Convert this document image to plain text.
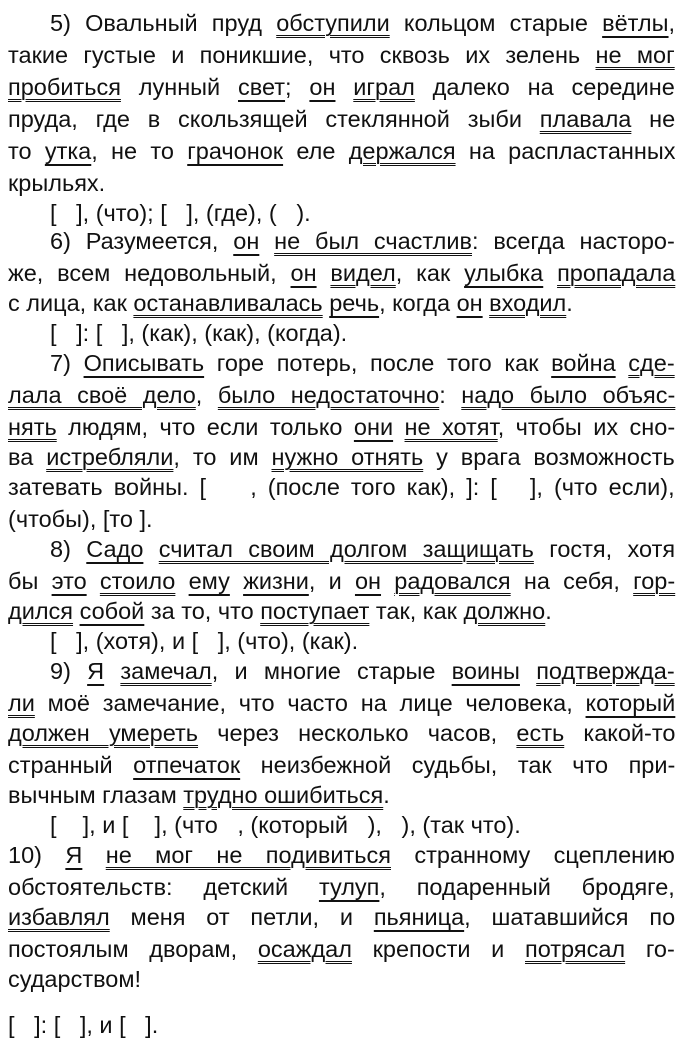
5) Овальный пруд обступили кольцом старые вётлы,
такие густые и поникшие, что сквозь их зелень не мог
пробиться лунный свет; он играл далеко на середине
пруда, где в скользящей стеклянной зыби плавала не
то утка, не то грачонок еле держался на распластанных
крыльях.
[   ], (что); [   ], (где), (   ).
6) Разумеется, он не был счастлив: всегда насторо-
же, всем недовольный, он видел, как улыбка пропадала
с лица, как останавливалась речь, когда он входил.
[   ]: [   ], (как), (как), (когда).
7) Описывать горе потерь, после того как война сде-
лала своё дело, было недостаточно: надо было объяс-
нять людям, что если только они не хотят, чтобы их сно-
ва истребляли, то им нужно отнять у врага возможность
затевать войны. [    , (после того как), ]: [   ], (что если),
(чтобы), [то ].
8) Садо считал своим долгом защищать гостя, хотя
бы это стоило ему жизни, и он радовался на себя, гор-
дился собой за то, что поступает так, как должно.
[   ], (хотя), и [   ], (что), (как).
9) Я замечал, и многие старые воины подтвержда-
ли моё замечание, что часто на лице человека, который
должен умереть через несколько часов, есть какой-то
странный отпечаток неизбежной судьбы, так что при-
вычным глазам трудно ошибиться.
[    ], и [    ], (что   , (который   ),   ), (так что).
10) Я не мог не подивиться странному сцеплению
обстоятельств: детский тулуп, подаренный бродяге,
избавлял меня от петли, и пьяница, шатавшийся по
постоялым дворам, осаждал крепости и потрясал го-
сударством!
[   ]: [   ], и [   ].
